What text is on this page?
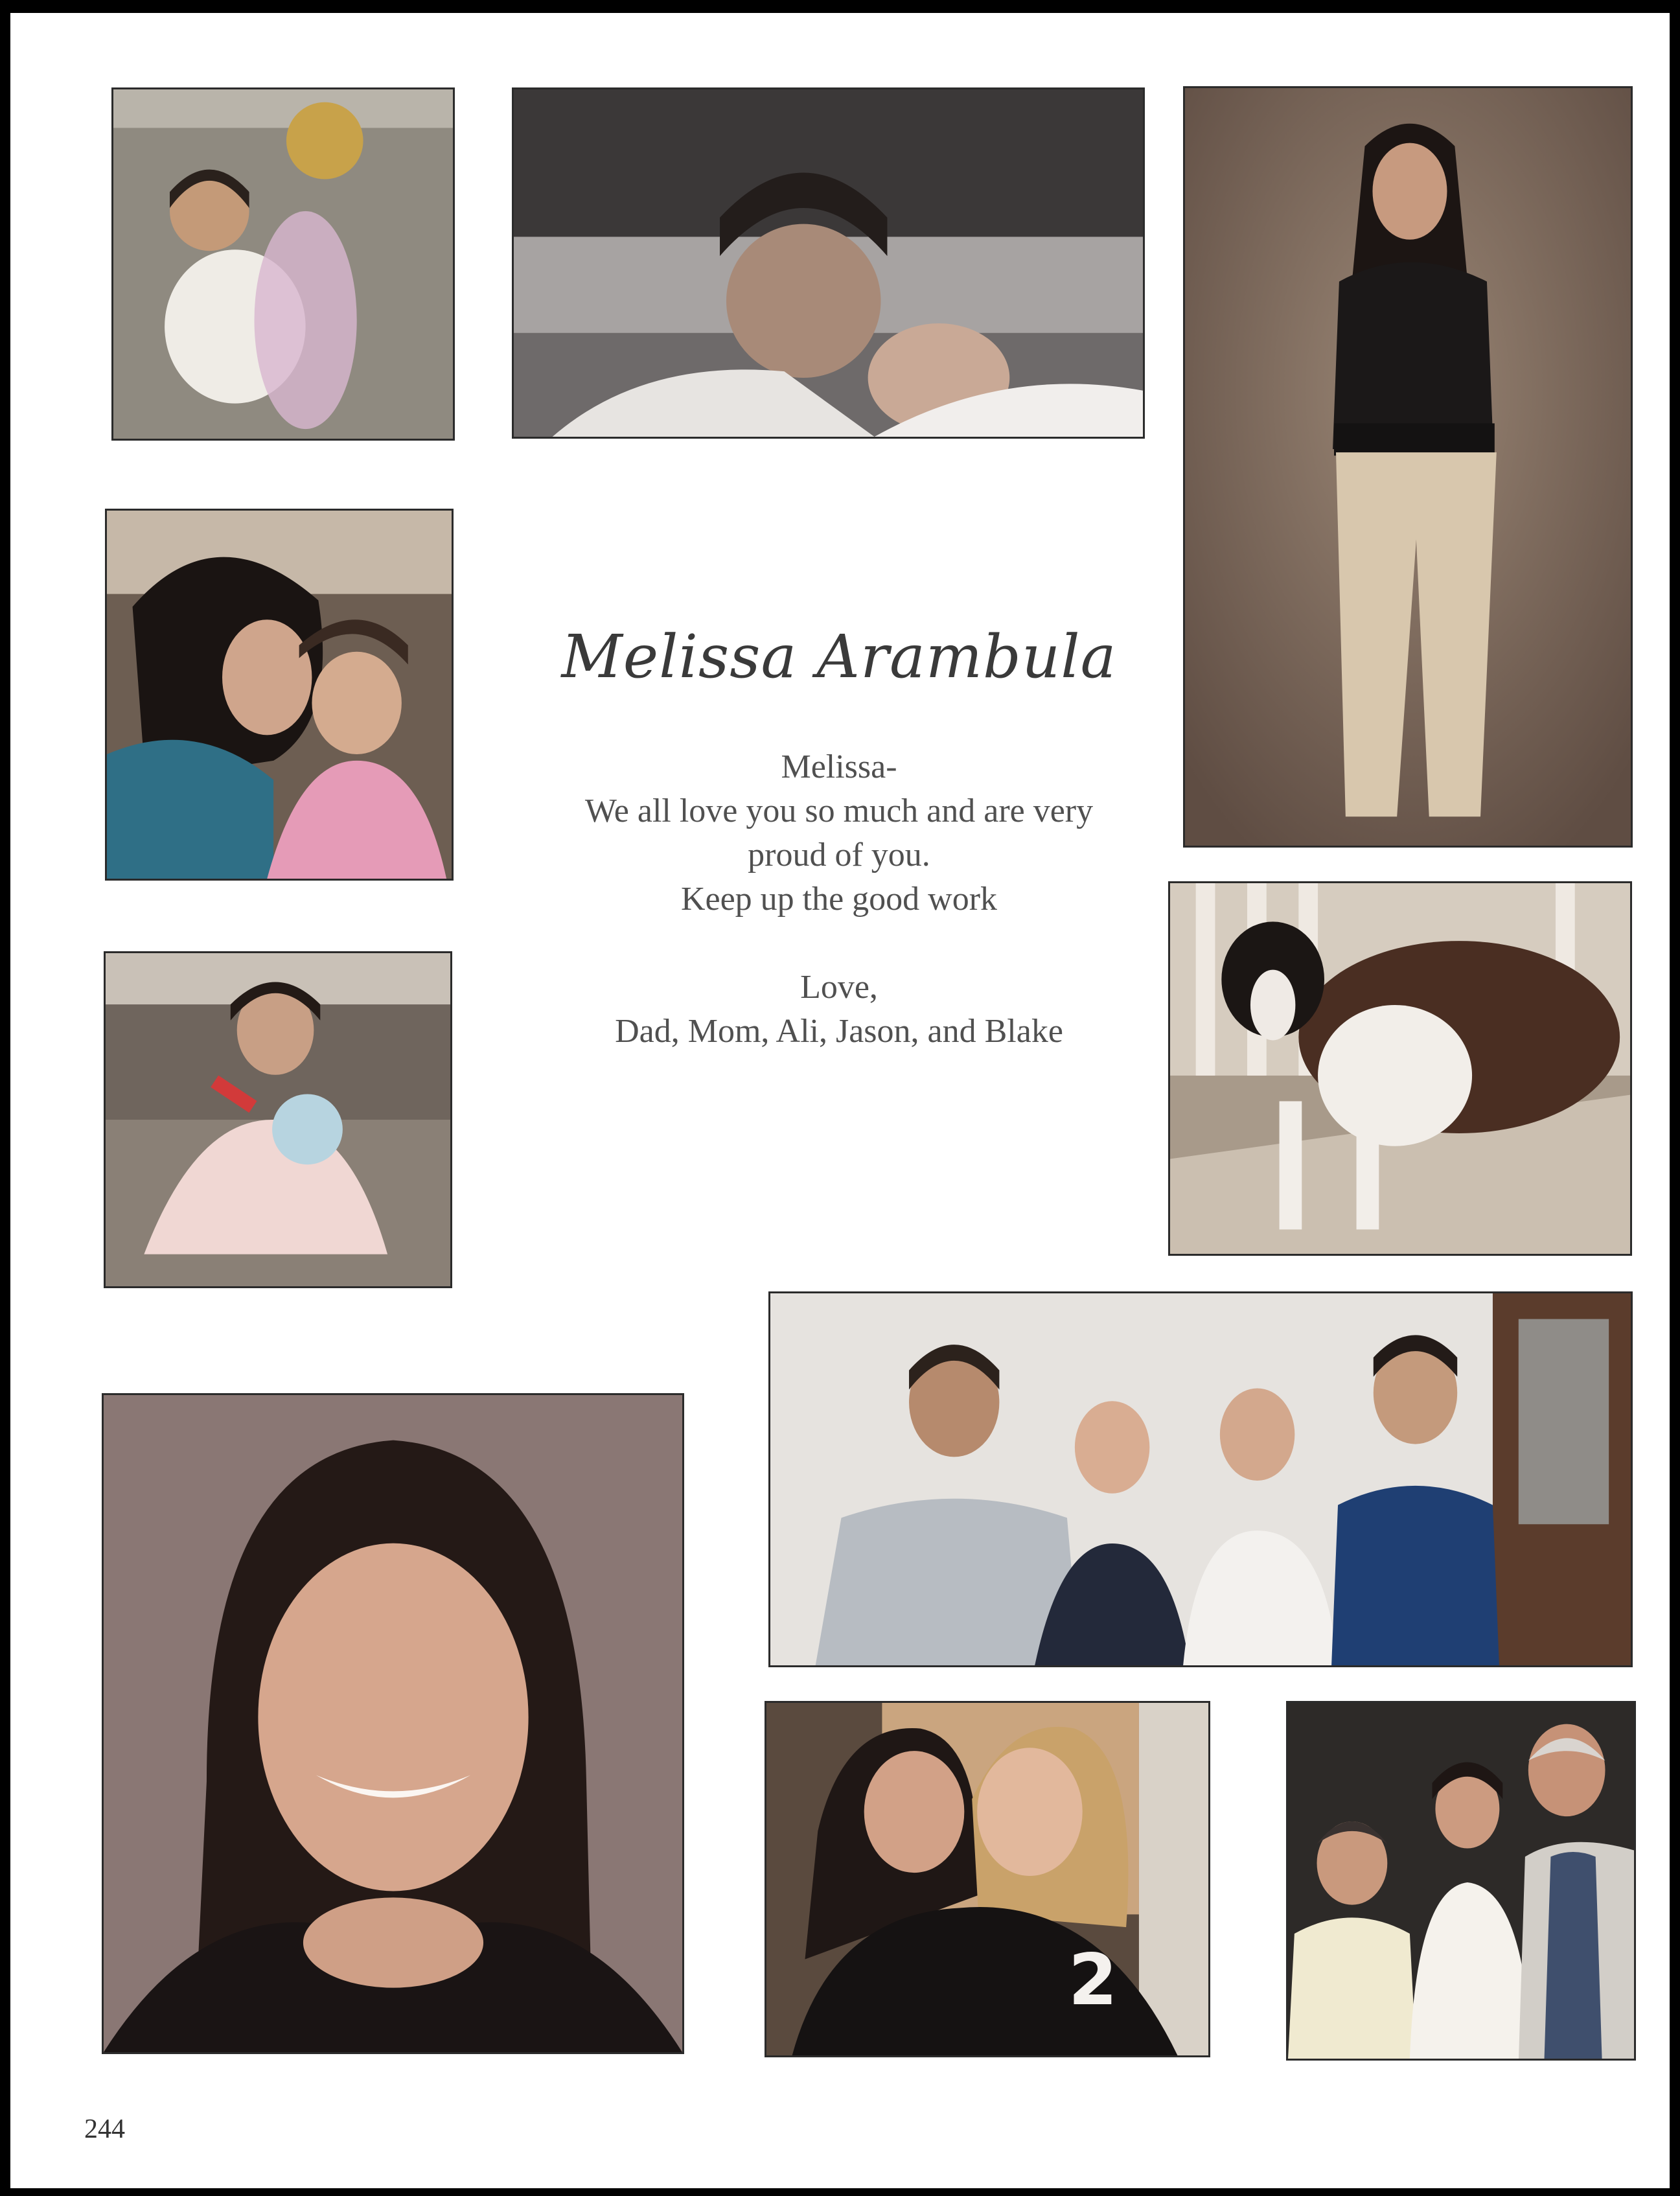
2
Melissa Arambula
Melissa-
We all love you so much and are very
proud of you.
Keep up the good work
Love,
Dad, Mom, Ali, Jason, and Blake
244
